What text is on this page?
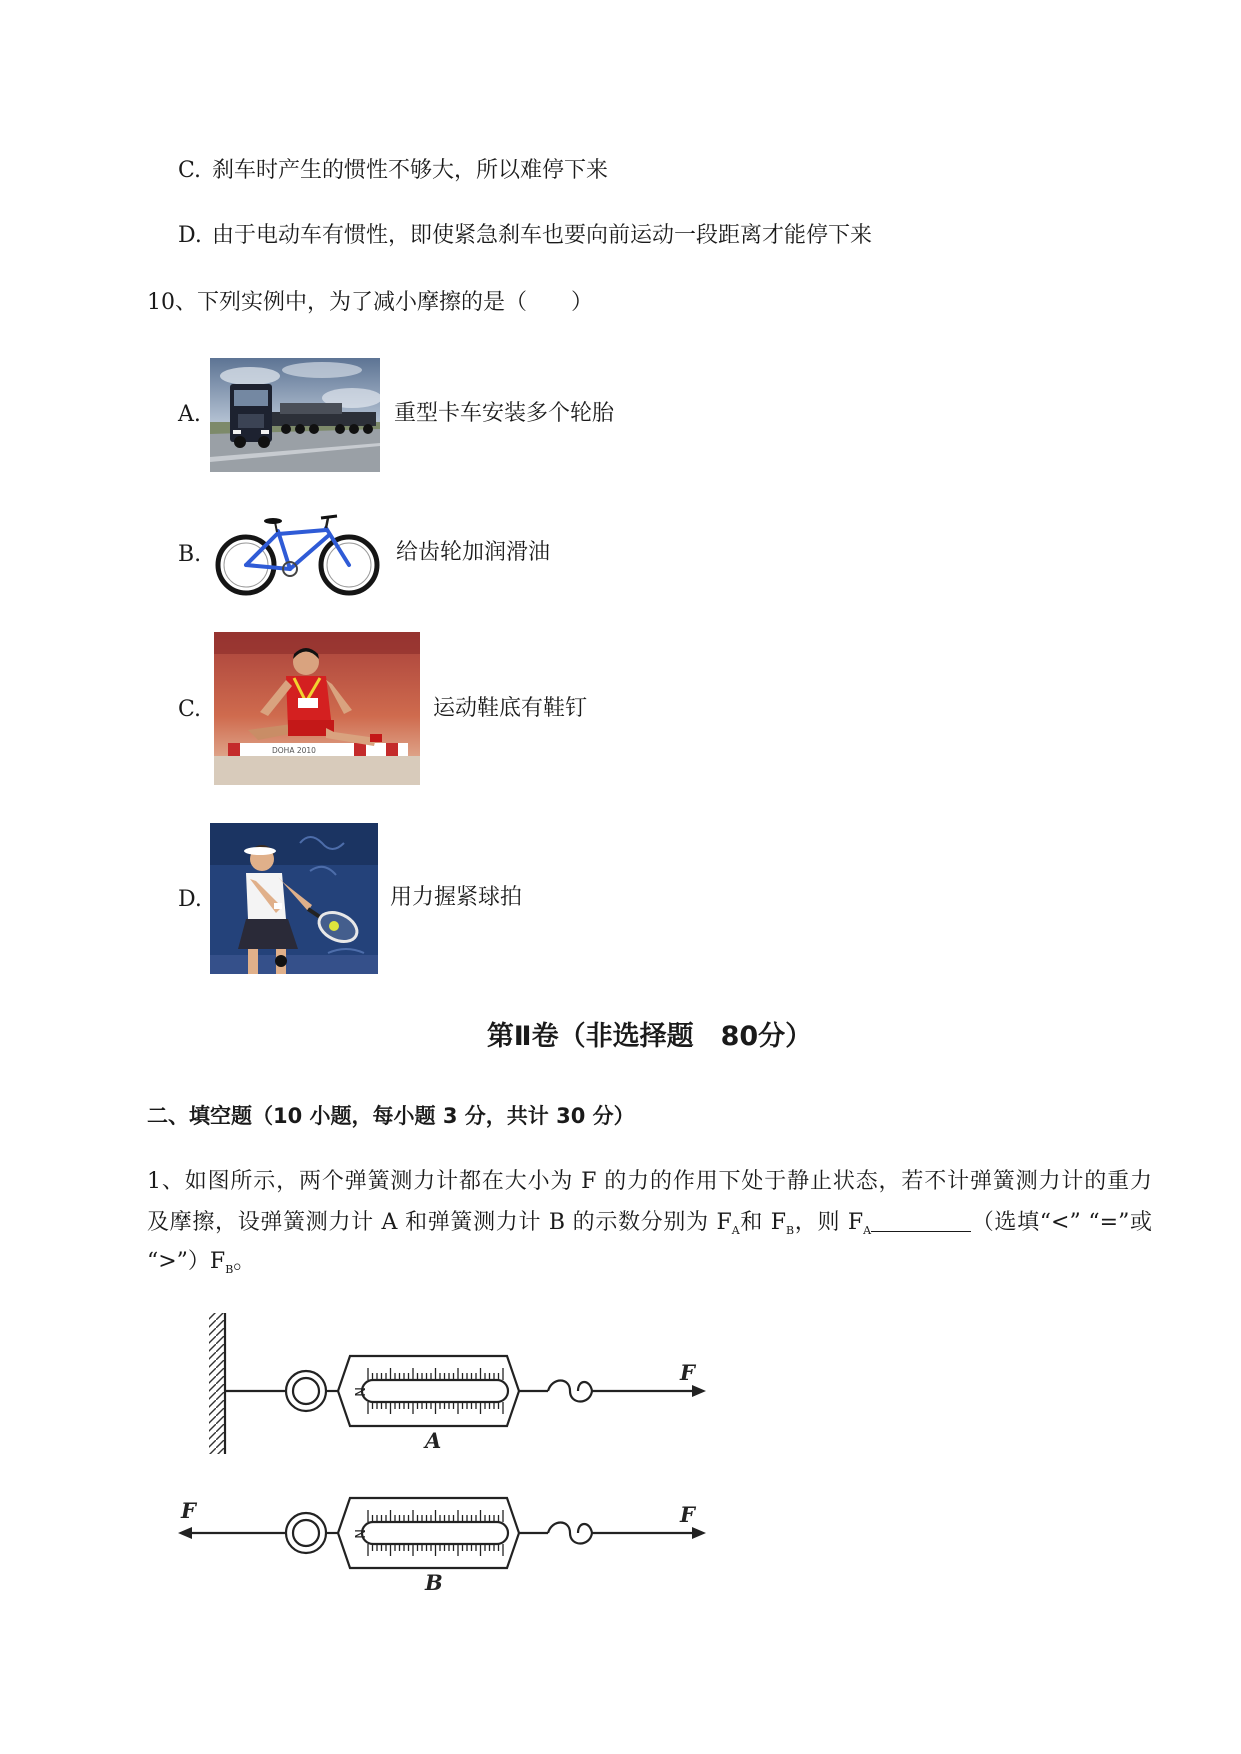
C. 刹车时产生的惯性不够大，所以难停下来
D. 由于电动车有惯性，即使紧急刹车也要向前运动一段距离才能停下来
10、下列实例中，为了减小摩擦的是（　　）
A.	重型卡车安装多个轮胎
B.	给齿轮加润滑油
C.
DOHA 2010
运动鞋底有鞋钉
D.	用力握紧球拍
第Ⅱ卷（非选择题　80分）
二、填空题（10 小题，每小题 3 分，共计 30 分）
1、如图所示，两个弹簧测力计都在大小为 F 的力的作用下处于静止状态，若不计弹簧测力计的重力
及摩擦，设弹簧测力计 A 和弹簧测力计 B 的示数分别为 $F_A$和 $F_B$，则 $F_A$	（选填“<” “=”或
“$>”)F_B$。
N
F
A
F
N
F
B
